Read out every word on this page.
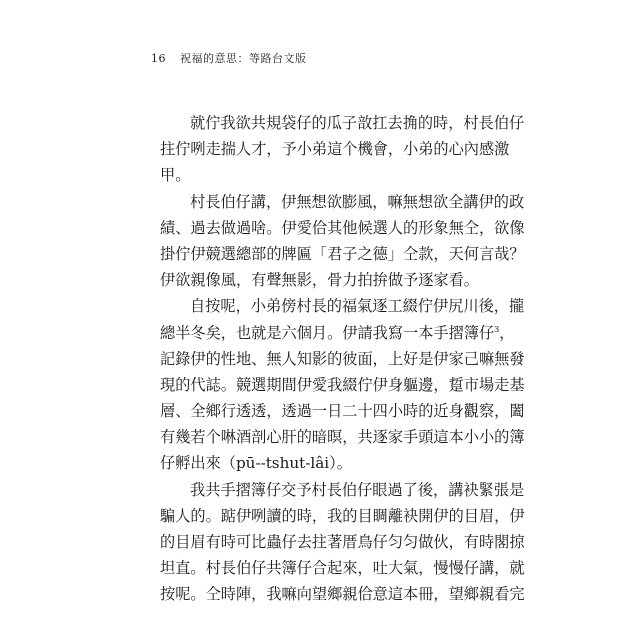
16 祝福的意思：等路台文版
就佇我欲共規袋仔的瓜子敨扛去捔的時，村長伯仔
拄佇咧走揣人才，予小弟這个機會，小弟的心內感激
甲。
村長伯仔講，伊無想欲膨風，嘛無想欲全講伊的政
績、過去做過啥。伊愛佮其他候選人的形象無仝，欲像
掛佇伊競選總部的牌匾「君子之德」仝款，天何言哉？
伊欲親像風，有聲無影，骨力拍拚做予逐家看。
自按呢，小弟傍村長的福氣逐工綴佇伊尻川後，攏
總半冬矣，也就是六個月。伊請我寫一本手摺簿仔$^3$，
記錄伊的性地、無人知影的彼面，上好是伊家己嘛無發
現的代誌。競選期間伊愛我綴佇伊身軀邊，踅市場走基
層、全鄉行透透，透過一日二十四小時的近身觀察，闔
有幾若个啉酒剖心肝的暗暝，共逐家手頭這本小小的簿
仔孵出來（pū--tshut-lâi）。
我共手摺簿仔交予村長伯仔眼過了後，講袂緊張是
騙人的。踮伊咧讀的時，我的目睭離袂開伊的目眉，伊
的目眉有時可比蟲仔去拄著厝鳥仔匀匀做伙，有時閣掠
坦直。村長伯仔共簿仔合起來，吐大氣，慢慢仔講，就
按呢。仝時陣，我嘛向望鄉親佮意這本冊，望鄉親看完
